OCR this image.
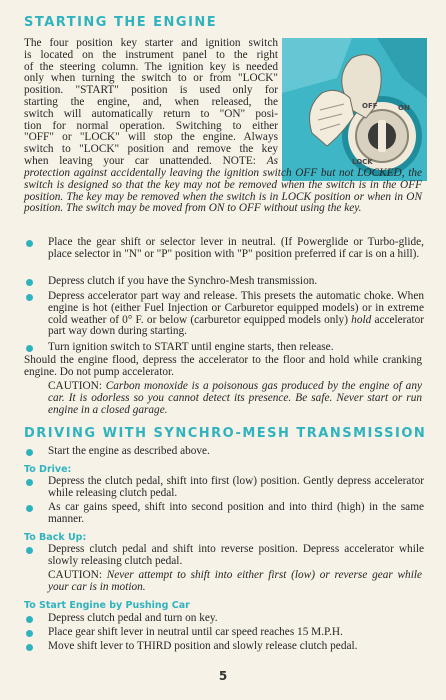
STARTING THE ENGINE
OFF	ON
LOCK
The four position key starter and ignition switch
is located on the instrument panel to the right
of the steering column. The ignition key is needed
only when turning the switch to or from "LOCK"
position. "START" position is used only for
starting the engine, and, when released, the
switch will automatically return to "ON" posi-
tion for normal operation. Switching to either
"OFF" or "LOCK" will stop the engine. Always
switch to "LOCK" position and remove the key
when leaving your car unattended. NOTE: As

protection against accidentally leaving the ignition switch OFF but not LOCKED, the switch is designed so that the key may not be removed when the switch is in the OFF position. The key may be removed when the switch is in LOCK position or when in ON position. The switch may be moved from ON to OFF without using the key.

Place the gear shift or selector lever in neutral. (If Powerglide or Turbo-glide, place selector in "N" or "P" position with "P" position preferred if car is on a hill).
Depress clutch if you have the Synchro-Mesh transmission.
Depress accelerator part way and release. This presets the automatic choke. When engine is hot (either Fuel Injection or Carburetor equipped models) or in extreme cold weather of 0° F. or below (carburetor equipped models only) hold accelerator part way down during starting.
Turn ignition switch to START until engine starts, then release.

Should the engine flood, depress the accelerator to the floor and hold while cranking engine. Do not pump accelerator.

CAUTION: Carbon monoxide is a poisonous gas produced by the engine of any car. It is odorless so you cannot detect its presence. Be safe. Never start or run engine in a closed garage.

DRIVING WITH SYNCHRO-MESH TRANSMISSION
Start the engine as described above.
To Drive:
Depress the clutch pedal, shift into first (low) position. Gently depress accelerator while releasing clutch pedal.
As car gains speed, shift into second position and into third (high) in the same manner.
To Back Up:
Depress clutch pedal and shift into reverse position. Depress accelerator while slowly releasing clutch pedal.

CAUTION: Never attempt to shift into either first (low) or reverse gear while your car is in motion.

To Start Engine by Pushing Car
Depress clutch pedal and turn on key.
Place gear shift lever in neutral until car speed reaches 15 M.P.H.
Move shift lever to THIRD position and slowly release clutch pedal.
5
